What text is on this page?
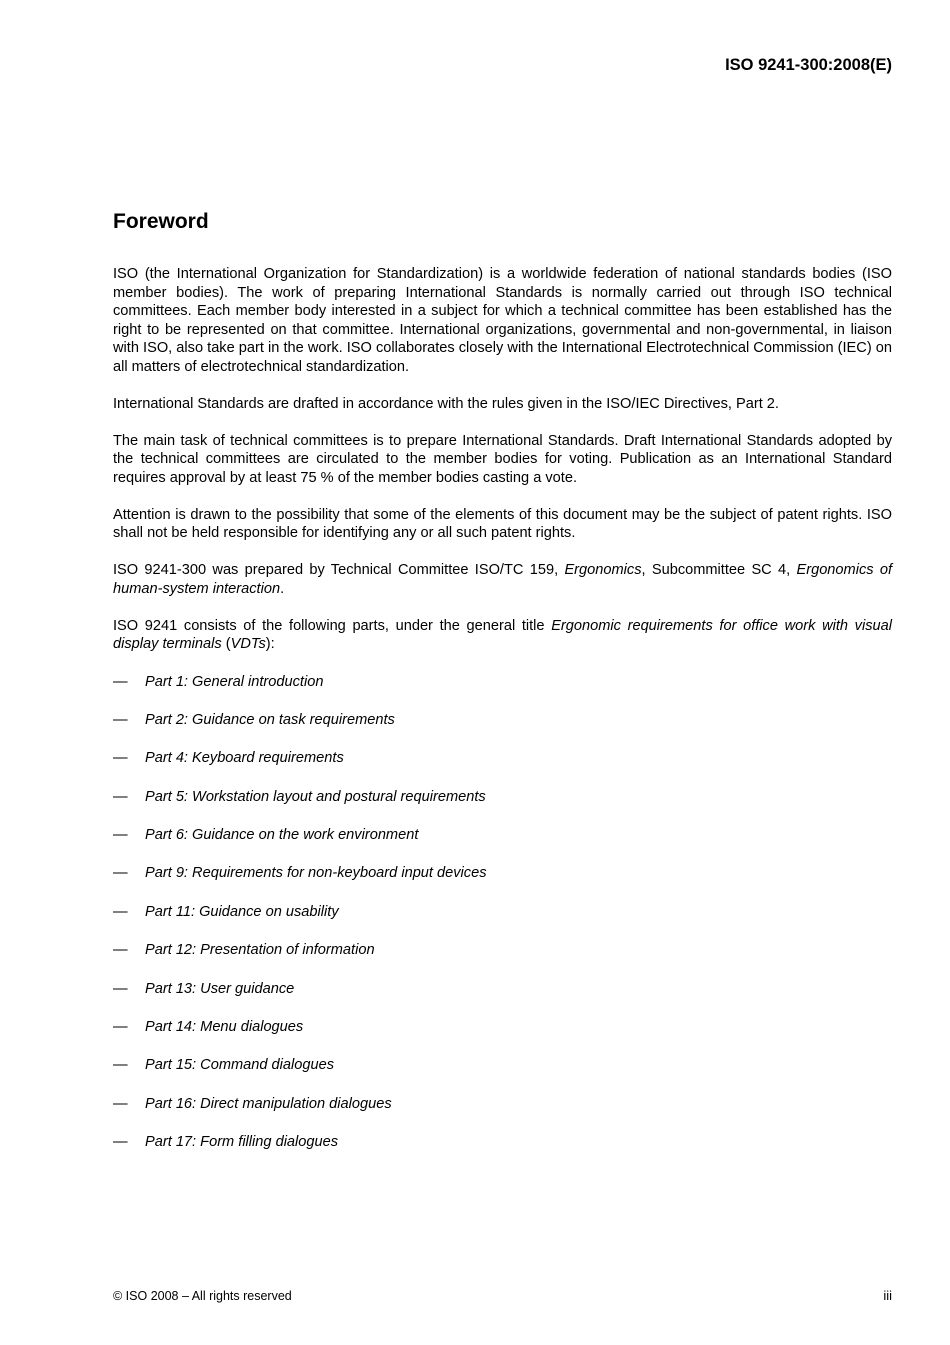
ISO 9241-300:2008(E)
Foreword

ISO (the International Organization for Standardization) is a worldwide federation of national standards bodies (ISO member bodies). The work of preparing International Standards is normally carried out through ISO technical committees. Each member body interested in a subject for which a technical committee has been established has the right to be represented on that committee. International organizations, governmental and non-governmental, in liaison with ISO, also take part in the work. ISO collaborates closely with the International Electrotechnical Commission (IEC) on all matters of electrotechnical standardization.

International Standards are drafted in accordance with the rules given in the ISO/IEC Directives, Part 2.

The main task of technical committees is to prepare International Standards. Draft International Standards adopted by the technical committees are circulated to the member bodies for voting. Publication as an International Standard requires approval by at least 75 % of the member bodies casting a vote.

Attention is drawn to the possibility that some of the elements of this document may be the subject of patent rights. ISO shall not be held responsible for identifying any or all such patent rights.

ISO 9241-300 was prepared by Technical Committee ISO/TC 159, Ergonomics, Subcommittee SC 4, Ergonomics of human-system interaction.

ISO 9241 consists of the following parts, under the general title Ergonomic requirements for office work with visual display terminals (VDTs):

— Part 1: General introduction
— Part 2: Guidance on task requirements
— Part 4: Keyboard requirements
— Part 5: Workstation layout and postural requirements
— Part 6: Guidance on the work environment
— Part 9: Requirements for non-keyboard input devices
— Part 11: Guidance on usability
— Part 12: Presentation of information
— Part 13: User guidance
— Part 14: Menu dialogues
— Part 15: Command dialogues
— Part 16: Direct manipulation dialogues
— Part 17: Form filling dialogues
© ISO 2008 – All rights reserved	iii
